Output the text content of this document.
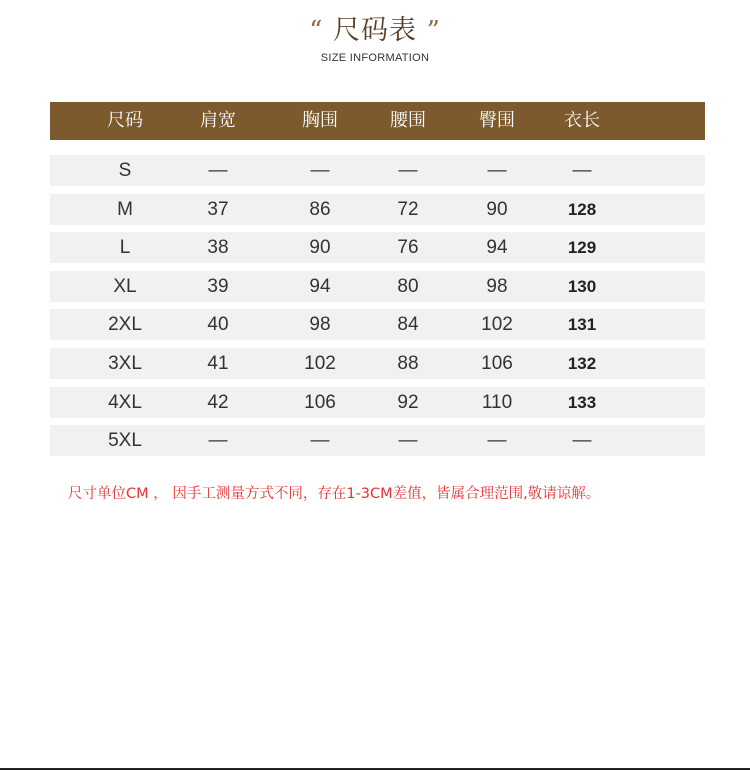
“ 尺码表 ”
SIZE INFORMATION
尺码	肩宽	胸围	腰围	臀围	衣长
S	—	—	—	—	—
M	37	86	72	90	128
L	38	90	76	94	129
XL	39	94	80	98	130
2XL	40	98	84	102	131
3XL	41	102	88	106	132
4XL	42	106	92	110	133
5XL	—	—	—	—	—
尺寸单位CM ， 因手工测量方式不同，存在1-3CM差值，皆属合理范围,敬请谅解。
